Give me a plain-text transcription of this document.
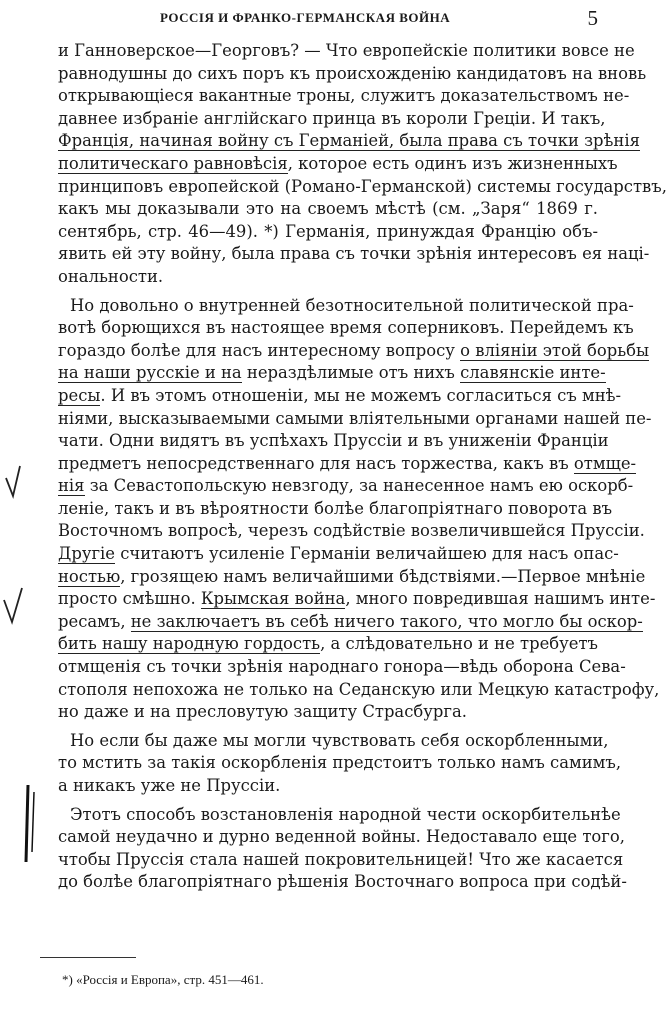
РОССІЯ И ФРАНКО-ГЕРМАНСКАЯ ВОЙНА	5
и Ганноверское—Георговъ? — Что европейскіе политики вовсе не
равнодушны до сихъ поръ къ происхожденію кандидатовъ на вновь
открывающіеся вакантные троны, служитъ доказательствомъ не-
давнее избраніе англійскаго принца въ короли Греціи. И такъ,
Франція, начиная войну съ Германіей, была права съ точки зрѣнія
политическаго равновѣсія, которое есть одинъ изъ жизненныхъ
принциповъ европейской (Романо-Германской) системы государствъ,
какъ мы доказывали это на своемъ мѣстѣ (см. „Заря“ 1869 г.
сентябрь, стр. 46—49). *) Германія, принуждая Францію объ-
явить ей эту войну, была права съ точки зрѣнія интересовъ ея наці-
ональности.
Но довольно о внутренней безотносительной политической пра-
вотѣ борющихся въ настоящее время соперниковъ. Перейдемъ къ
гораздо болѣе для насъ интересному вопросу о вліяніи этой борьбы
на наши русскіе и на нераздѣлимые отъ нихъ славянскіе инте-
ресы. И въ этомъ отношеніи, мы не можемъ согласиться съ мнѣ-
ніями, высказываемыми самыми вліятельными органами нашей пе-
чати. Одни видятъ въ успѣхахъ Пруссіи и въ униженіи Франціи
предметъ непосредственнаго для насъ торжества, какъ въ отмще-
нія за Севастопольскую невзгоду, за нанесенное намъ ею оскорб-
леніе, такъ и въ вѣроятности болѣе благопріятнаго поворота въ
Восточномъ вопросѣ, черезъ содѣйствіе возвеличившейся Пруссіи.
Другіе считаютъ усиленіе Германіи величайшею для насъ опас-
ностью, грозящею намъ величайшими бѣдствіями.—Первое мнѣніе
просто смѣшно. Крымская война, много повредившая нашимъ инте-
ресамъ, не заключаетъ въ себѣ ничего такого, что могло бы оскор-
бить нашу народную гордость, а слѣдовательно и не требуетъ
отмщенія съ точки зрѣнія народнаго гонора—вѣдь оборона Сева-
стополя непохожа не только на Седанскую или Мецкую катастрофу,
но даже и на пресловутую защиту Страсбурга.
Но если бы даже мы могли чувствовать себя оскорбленными,
то мстить за такія оскорбленія предстоитъ только намъ самимъ,
а никакъ уже не Пруссіи.
Этотъ способъ возстановленія народной чести оскорбительнѣе
самой неудачно и дурно веденной войны. Недоставало еще того,
чтобы Пруссія стала нашей покровительницей! Что же касается
до болѣе благопріятнаго рѣшенія Восточнаго вопроса при содѣй-
*) «Россія и Европа», стр. 451—461.
